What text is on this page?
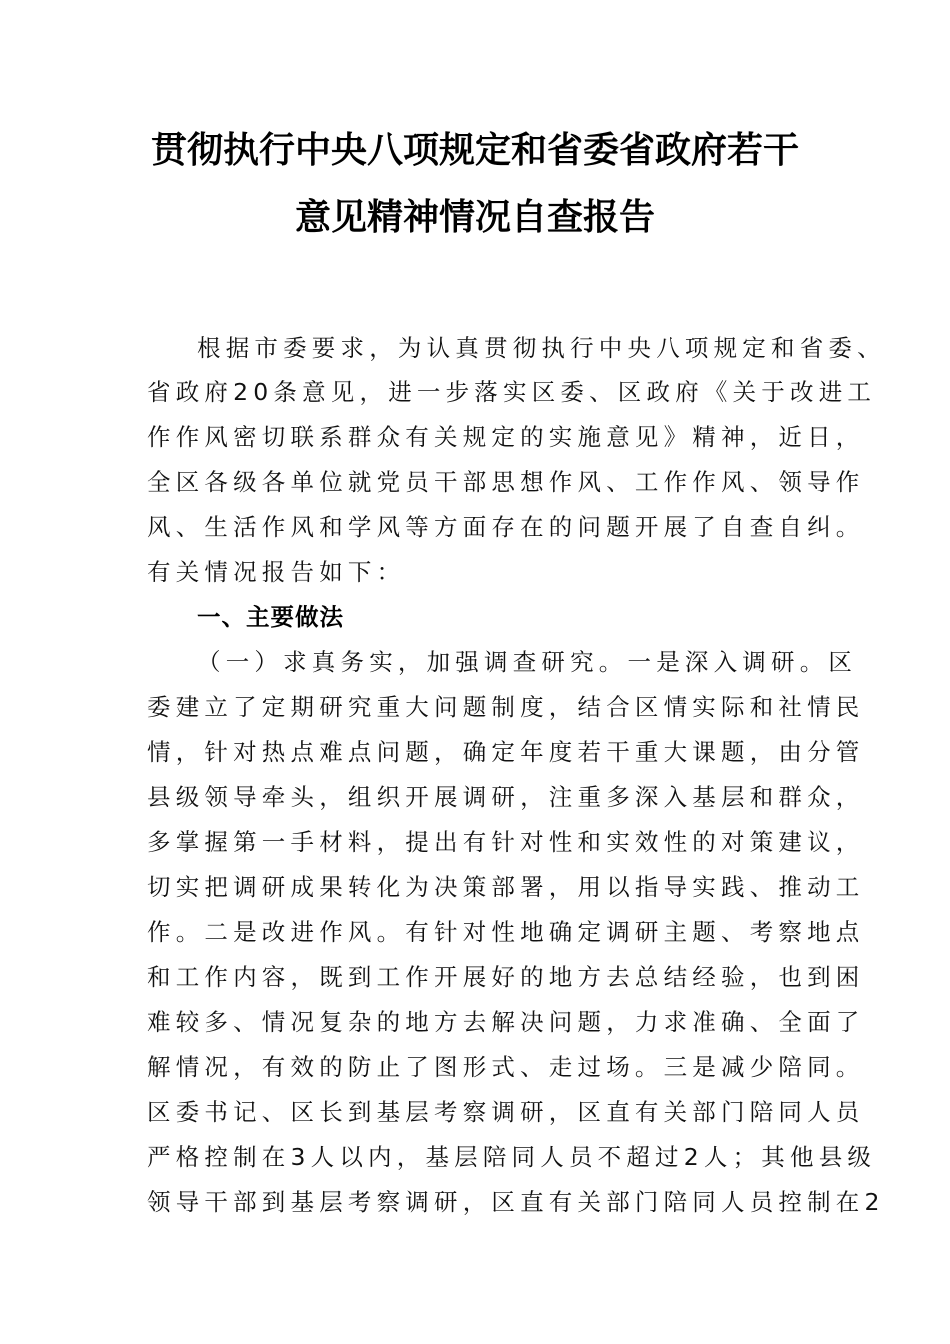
贯彻执行中央八项规定和省委省政府若干
意见精神情况自查报告
根据市委要求，为认真贯彻执行中央八项规定和省委、
省政府20条意见，进一步落实区委、区政府《关于改进工
作作风密切联系群众有关规定的实施意见》精神，近日，
全区各级各单位就党员干部思想作风、工作作风、领导作
风、生活作风和学风等方面存在的问题开展了自查自纠。
有关情况报告如下：
一、主要做法
（一）求真务实，加强调查研究。一是深入调研。区
委建立了定期研究重大问题制度，结合区情实际和社情民
情，针对热点难点问题，确定年度若干重大课题，由分管
县级领导牵头，组织开展调研，注重多深入基层和群众，
多掌握第一手材料，提出有针对性和实效性的对策建议，
切实把调研成果转化为决策部署，用以指导实践、推动工
作。二是改进作风。有针对性地确定调研主题、考察地点
和工作内容，既到工作开展好的地方去总结经验，也到困
难较多、情况复杂的地方去解决问题，力求准确、全面了
解情况，有效的防止了图形式、走过场。三是减少陪同。
区委书记、区长到基层考察调研，区直有关部门陪同人员
严格控制在3人以内，基层陪同人员不超过2人；其他县级
领导干部到基层考察调研，区直有关部门陪同人员控制在2
